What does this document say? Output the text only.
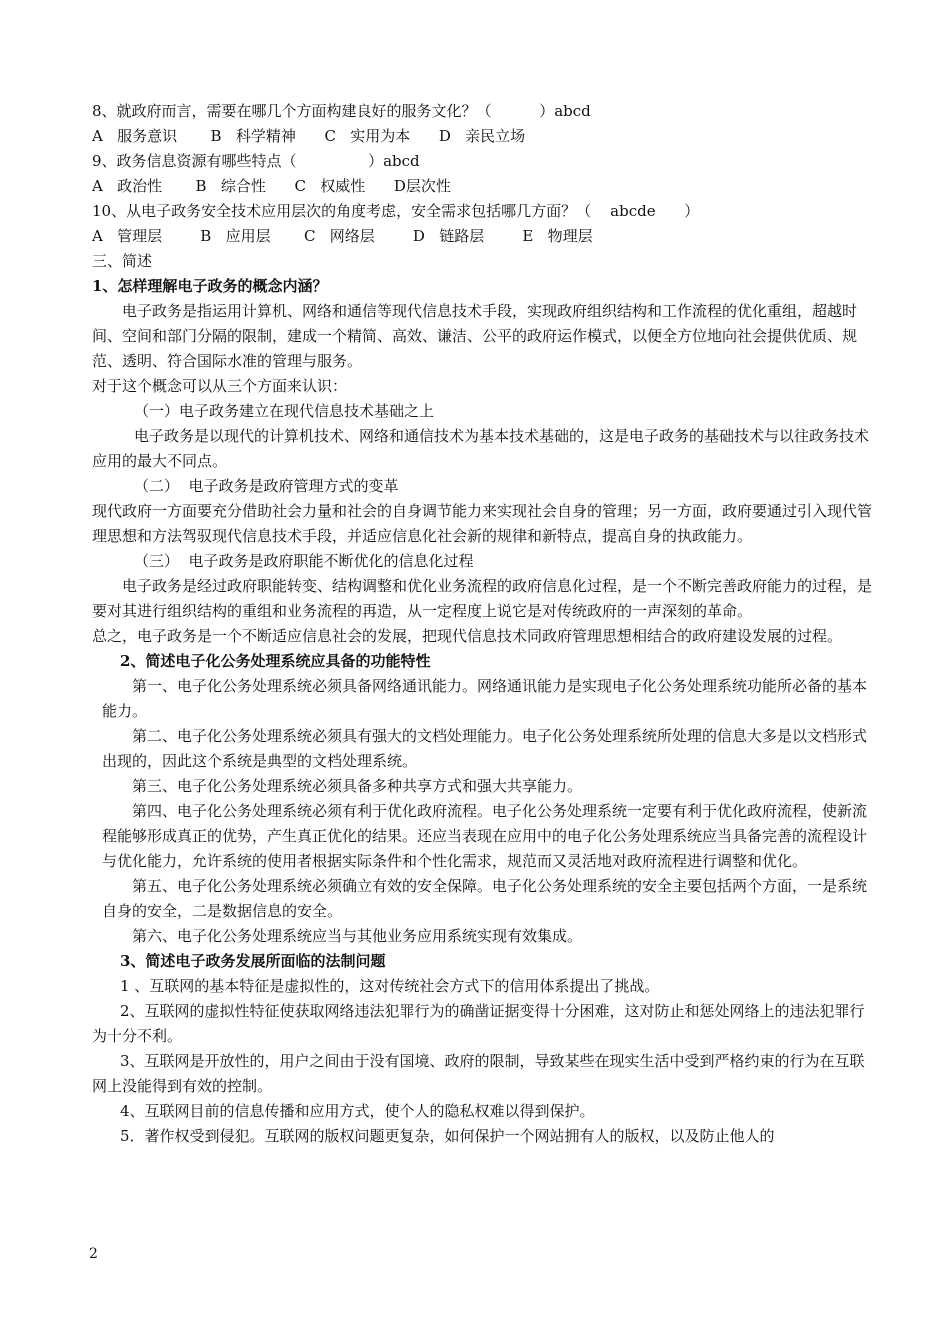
8、就政府而言，需要在哪几个方面构建良好的服务文化？（          ）abcd

A   服务意识       B   科学精神      C   实用为本      D   亲民立场

9、政务信息资源有哪些特点（               ）abcd

A   政治性       B   综合性      C   权威性      D层次性

10、从电子政务安全技术应用层次的角度考虑，安全需求包括哪几方面？（    abcde      ）

A   管理层        B   应用层       C   网络层        D   链路层        E   物理层

三、简述

1、怎样理解电子政务的概念内涵？

电子政务是指运用计算机、网络和通信等现代信息技术手段，实现政府组织结构和工作流程的优化重组，超越时间、空间和部门分隔的限制，建成一个精简、高效、谦洁、公平的政府运作模式，以便全方位地向社会提供优质、规范、透明、符合国际水准的管理与服务。

对于这个概念可以从三个方面来认识：

（一）电子政务建立在现代信息技术基础之上

电子政务是以现代的计算机技术、网络和通信技术为基本技术基础的，这是电子政务的基础技术与以往政务技术应用的最大不同点。

（二）  电子政务是政府管理方式的变革

现代政府一方面要充分借助社会力量和社会的自身调节能力来实现社会自身的管理；另一方面，政府要通过引入现代管理思想和方法驾驭现代信息技术手段，并适应信息化社会新的规律和新特点，提高自身的执政能力。

（三）  电子政务是政府职能不断优化的信息化过程

电子政务是经过政府职能转变、结构调整和优化业务流程的政府信息化过程，是一个不断完善政府能力的过程，是要对其进行组织结构的重组和业务流程的再造，从一定程度上说它是对传统政府的一声深刻的革命。

总之，电子政务是一个不断适应信息社会的发展，把现代信息技术同政府管理思想相结合的政府建设发展的过程。

2、简述电子化公务处理系统应具备的功能特性

第一、电子化公务处理系统必须具备网络通讯能力。网络通讯能力是实现电子化公务处理系统功能所必备的基本能力。

第二、电子化公务处理系统必须具有强大的文档处理能力。电子化公务处理系统所处理的信息大多是以文档形式出现的，因此这个系统是典型的文档处理系统。

第三、电子化公务处理系统必须具备多种共享方式和强大共享能力。

第四、电子化公务处理系统必须有利于优化政府流程。电子化公务处理系统一定要有利于优化政府流程，使新流程能够形成真正的优势，产生真正优化的结果。还应当表现在应用中的电子化公务处理系统应当具备完善的流程设计与优化能力，允许系统的使用者根据实际条件和个性化需求，规范而又灵活地对政府流程进行调整和优化。

第五、电子化公务处理系统必须确立有效的安全保障。电子化公务处理系统的安全主要包括两个方面，一是系统自身的安全，二是数据信息的安全。

第六、电子化公务处理系统应当与其他业务应用系统实现有效集成。

3、简述电子政务发展所面临的法制问题

1 、互联网的基本特征是虚拟性的，这对传统社会方式下的信用体系提出了挑战。

2、互联网的虚拟性特征使获取网络违法犯罪行为的确凿证据变得十分困难，这对防止和惩处网络上的违法犯罪行为十分不利。

3、互联网是开放性的，用户之间由于没有国境、政府的限制，导致某些在现实生活中受到严格约束的行为在互联网上没能得到有效的控制。

4、互联网目前的信息传播和应用方式，使个人的隐私权难以得到保护。

5．著作权受到侵犯。互联网的版权问题更复杂，如何保护一个网站拥有人的版权，以及防止他人的

2
